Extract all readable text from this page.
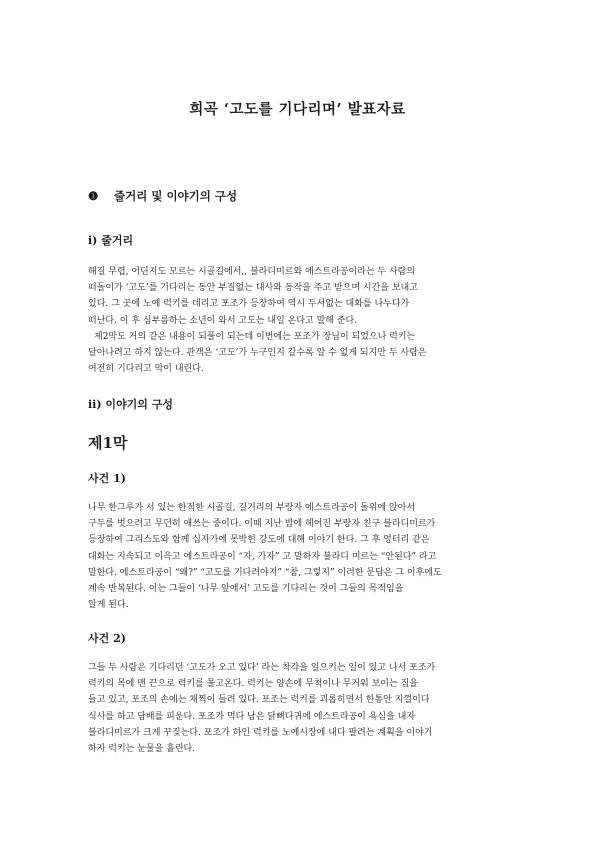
희곡 ‘고도를 기다리며’ 발표자료
❶ 줄거리 및 이야기의 구성
i) 줄거리

해질 무렵, 어딘지도 모르는 시골길에서,, 블라디미르와 에스트라공이라는 두 사람의
떠돌이가 ‘고도’를 기다리는 동안 부질없는 대사와 동작을 주고 받으며 시간을 보내고
있다. 그 곳에 노예 럭키를 데리고 포조가 등장하여 역시 두서없는 대화를 나누다가
떠난다. 이 후 심부름하는 소년이 와서 고도는 내일 온다고 말해 준다.
제2막도 거의 같은 내용이 되풀이 되는데 이번에는 포조가 장님이 되었으나 럭키는
달아나려고 하지 않는다. 관객은 ‘고도’가 누구인지 갈수록 알 수 없게 되지만 두 사람은
여전히 기다리고 막이 내린다.

ii) 이야기의 구성
제1막
사건 1)

나무 한그루가 서 있는 한적한 시골길, 길거리의 부랑자 에스트라공이 돌위에 앉아서
구두를 벗으려고 무던히 애쓰는 중이다. 이때 지난 밤에 헤어진 부랑자 친구 블라디미르가
등장하여 그리스도와 함께 십자가에 못박힌 강도에 대해 이야기 한다. 그 후 엉터리 같은
대화는 지속되고 이윽고 에스트라공이 “자, 가자” 고 말하자 블라디 미르는 “안된다” 라고
말한다. 에스트라공이 “왜?” “고도를 기다려야지” “참, 그렇지” 이러한 문답은 그 이후에도
계속 반복된다. 이는 그들이 ‘나무 앞에서’ 고도를 기다리는 것이 그들의 목적임을
알게 된다.

사건 2)

그들 두 사람은 기다리던 ‘고도가 오고 있다’ 라는 착각을 일으키는 일이 있고 나서 포조가
럭키의 목에 맨 끈으로 럭키를 몰고온다. 럭키는 양손에 무척이나 무거워 보이는 짐을
들고 있고, 포조의 손에는 채찍이 들려 있다. 포조는 럭키를 괴롭히면서 한통안 지껄이다
식사를 하고 담배를 피운다. 포조가 먹다 남은 닭뼈다귀에 에스트라공이 욕심을 내자
블라디미르가 크게 꾸짖는다. 포조가 하인 럭키를 노예시장에 내다 팔려는 계획을 이야기
하자 럭키는 눈물을 흘린다.
